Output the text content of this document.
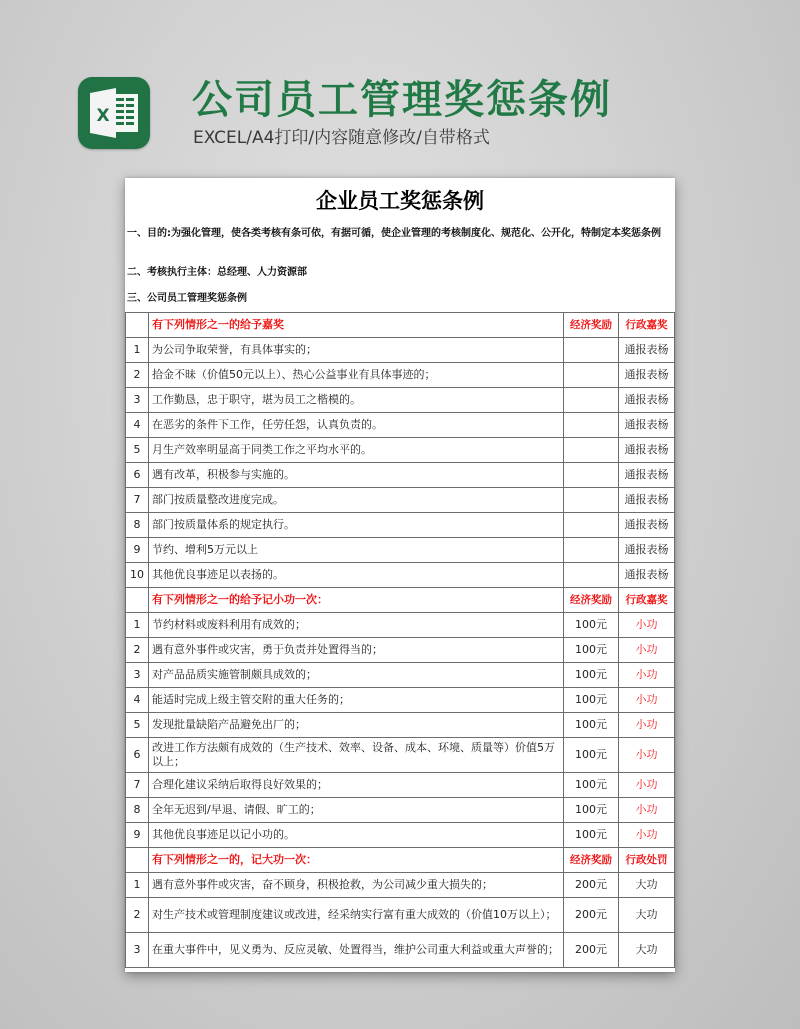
X 公司员工管理奖惩条例
EXCEL/A4打印/内容随意修改/自带格式
企业员工奖惩条例
一、目的:为强化管理，使各类考核有条可依，有据可循，使企业管理的考核制度化、规范化、公开化，特制定本奖惩条例
二、考核执行主体：总经理、人力资源部
三、公司员工管理奖惩条例
	有下列情形之一的给予嘉奖	经济奖励	行政嘉奖
1	为公司争取荣誉，有具体事实的；		通报表杨
2	拾金不昧（价值50元以上）、热心公益事业有具体事迹的；		通报表杨
3	工作勤恳，忠于职守，堪为员工之楷模的。		通报表杨
4	在恶劣的条件下工作，任劳任怨，认真负责的。		通报表杨
5	月生产效率明显高于同类工作之平均水平的。		通报表杨
6	遇有改革，积极参与实施的。		通报表杨
7	部门按质量整改进度完成。		通报表杨
8	部门按质量体系的规定执行。		通报表杨
9	节约、增利5万元以上		通报表杨
10	其他优良事迹足以表扬的。		通报表杨
	有下列情形之一的给予记小功一次：	经济奖励	行政嘉奖
1	节约材料或废料利用有成效的；	100元	小功
2	遇有意外事件或灾害，勇于负责并处置得当的；	100元	小功
3	对产品品质实施管制颇具成效的；	100元	小功
4	能适时完成上级主管交附的重大任务的；	100元	小功
5	发现批量缺陷产品避免出厂的；	100元	小功
6	改进工作方法颇有成效的（生产技术、效率、设备、成本、环境、质量等）价值5万以上；	100元	小功
7	合理化建议采纳后取得良好效果的；	100元	小功
8	全年无迟到/早退、请假、旷工的；	100元	小功
9	其他优良事迹足以记小功的。	100元	小功
	有下列情形之一的，记大功一次：	经济奖励	行政处罚
1	遇有意外事件或灾害，奋不顾身，积极抢救，为公司减少重大损失的；	200元	大功
2	对生产技术或管理制度建议或改进，经采纳实行富有重大成效的（价值10万以上）；	200元	大功
3	在重大事件中，见义勇为、反应灵敏、处置得当，维护公司重大利益或重大声誉的；	200元	大功
